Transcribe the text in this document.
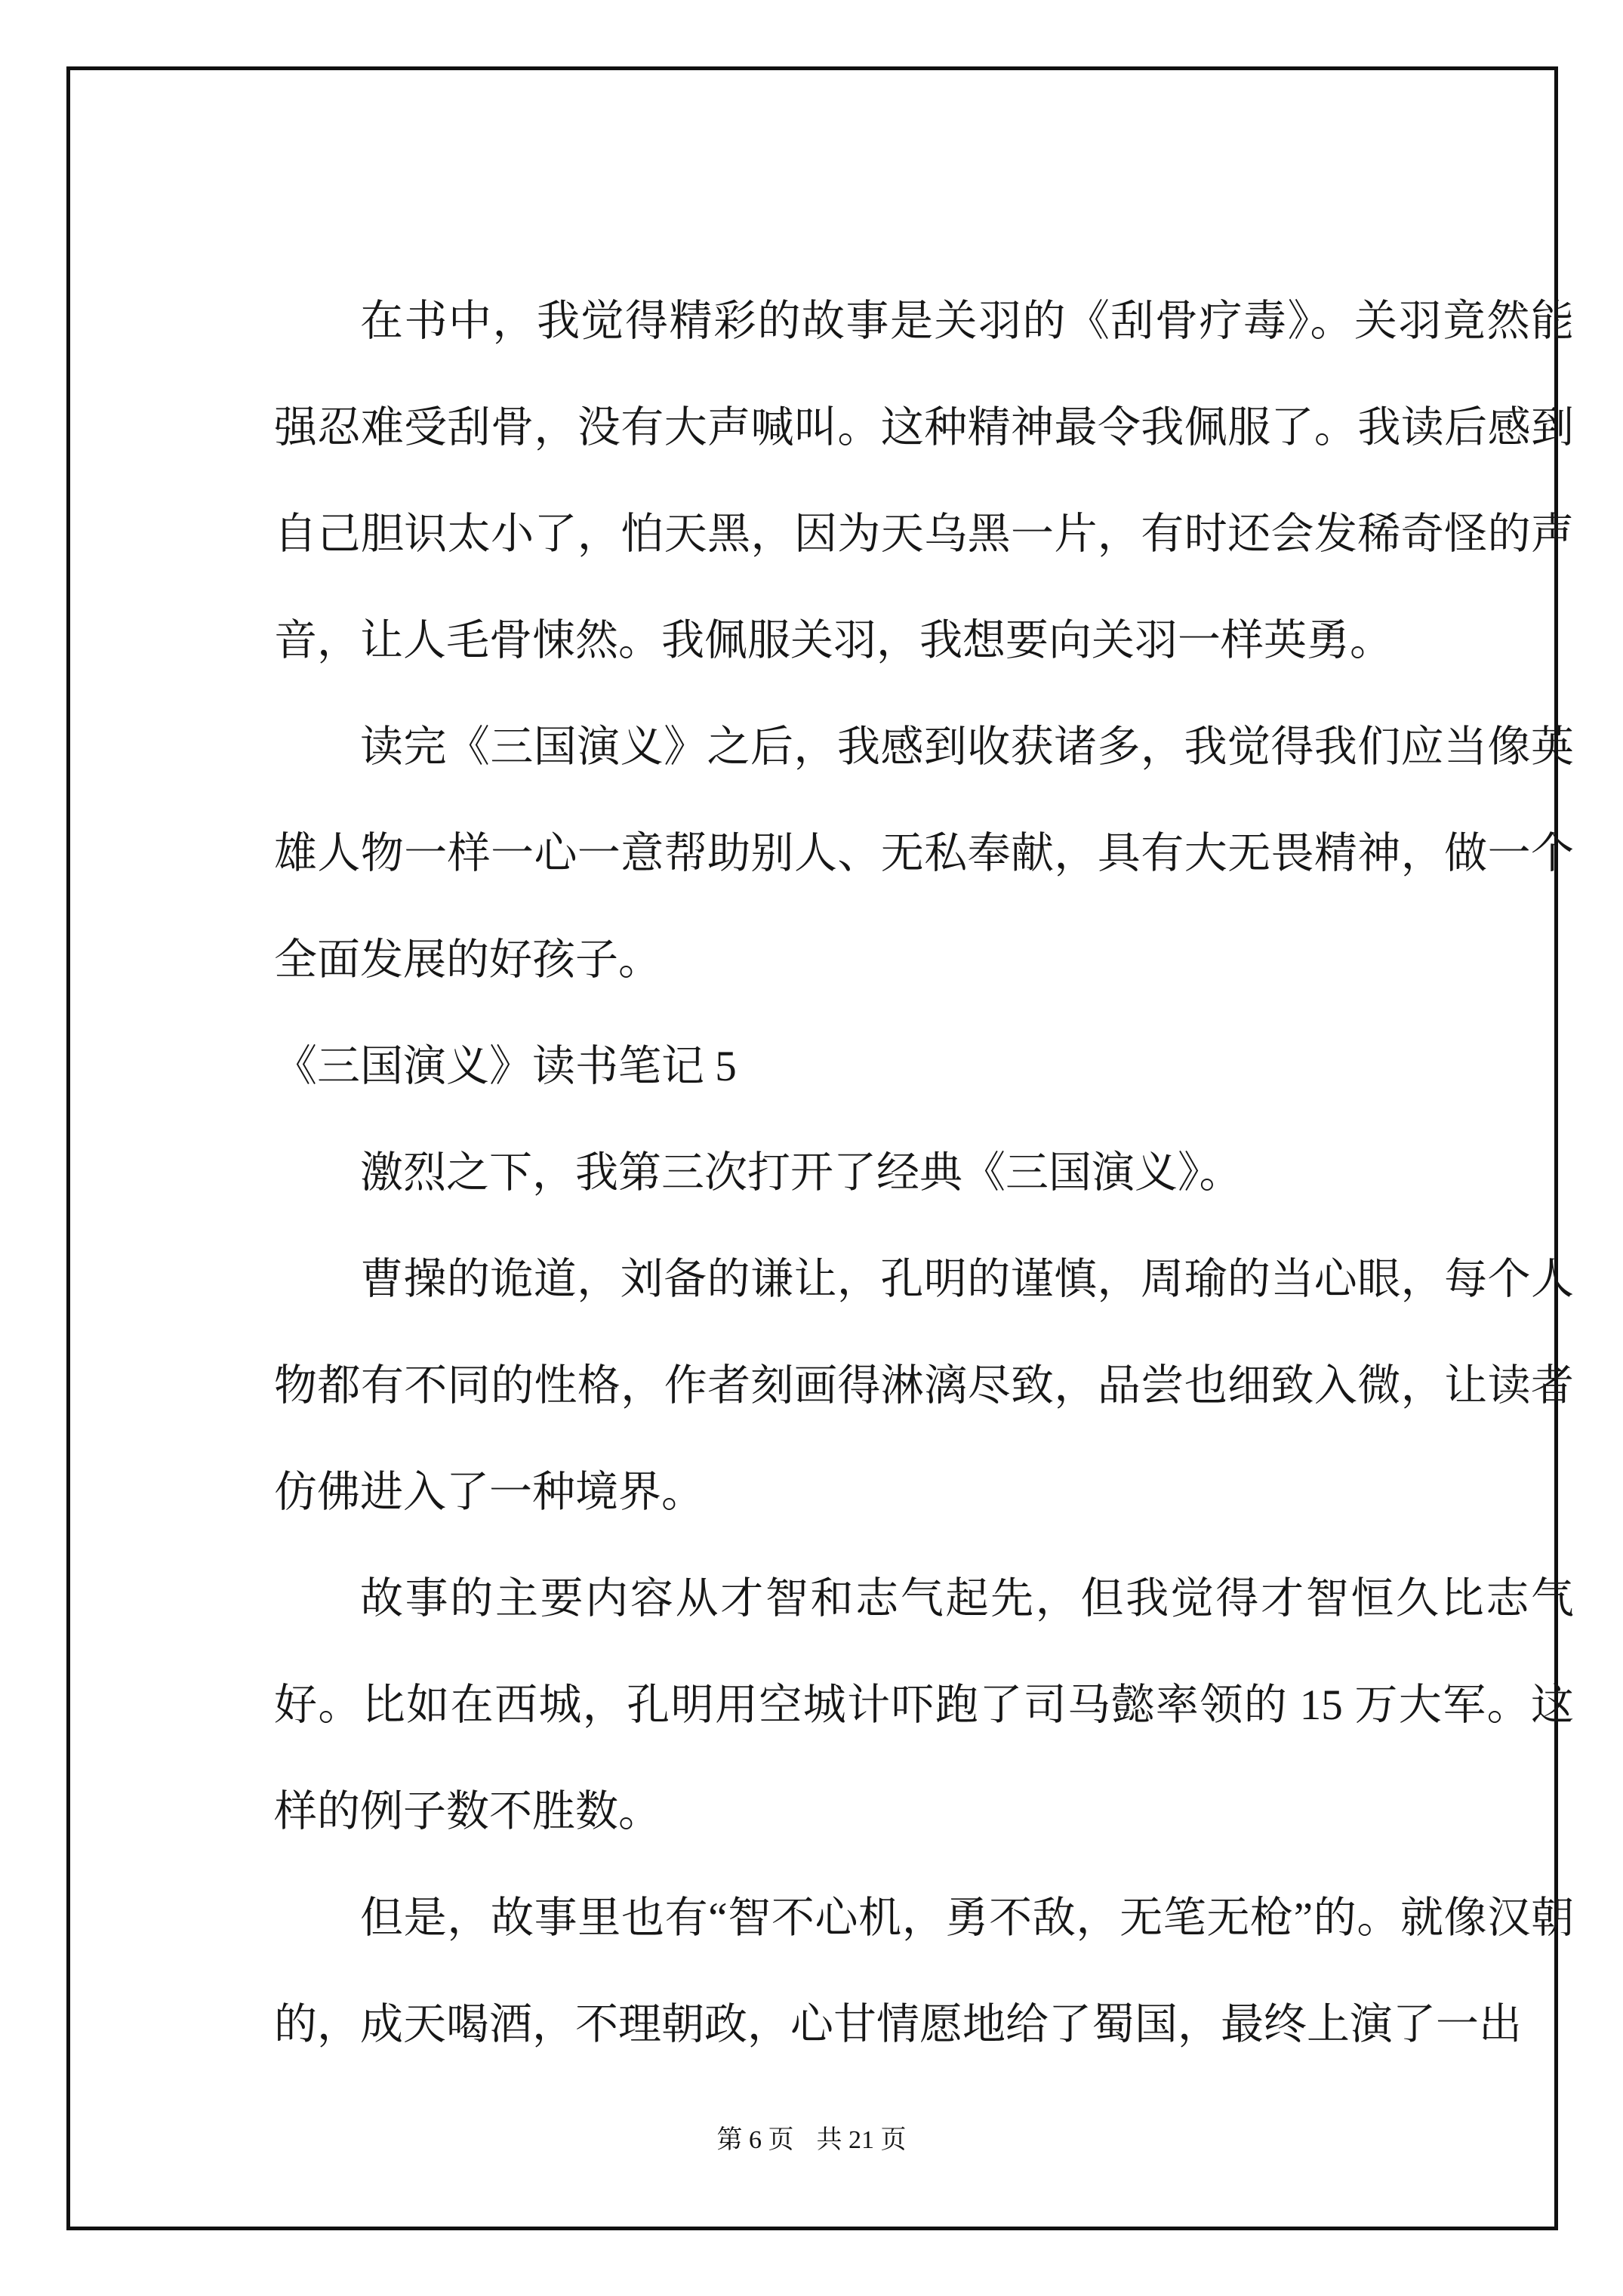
在书中，我觉得精彩的故事是关羽的《刮骨疗毒》。关羽竟然能强忍难受刮骨，没有大声喊叫。这种精神最令我佩服了。我读后感到自己胆识太小了，怕天黑，因为天乌黑一片，有时还会发稀奇怪的声音，让人毛骨悚然。我佩服关羽，我想要向关羽一样英勇。

读完《三国演义》之后，我感到收获诸多，我觉得我们应当像英雄人物一样一心一意帮助别人、无私奉献，具有大无畏精神，做一个全面发展的好孩子。

《三国演义》读书笔记 5

激烈之下，我第三次打开了经典《三国演义》。

曹操的诡道，刘备的谦让，孔明的谨慎，周瑜的当心眼，每个人物都有不同的性格，作者刻画得淋漓尽致，品尝也细致入微，让读者仿佛进入了一种境界。

故事的主要内容从才智和志气起先，但我觉得才智恒久比志气好。比如在西城，孔明用空城计吓跑了司马懿率领的 15 万大军。这样的例子数不胜数。

但是，故事里也有“智不心机，勇不敌，无笔无枪”的。就像汉朝的，成天喝酒，不理朝政，心甘情愿地给了蜀国，最终上演了一出

第 6 页 共 21 页
